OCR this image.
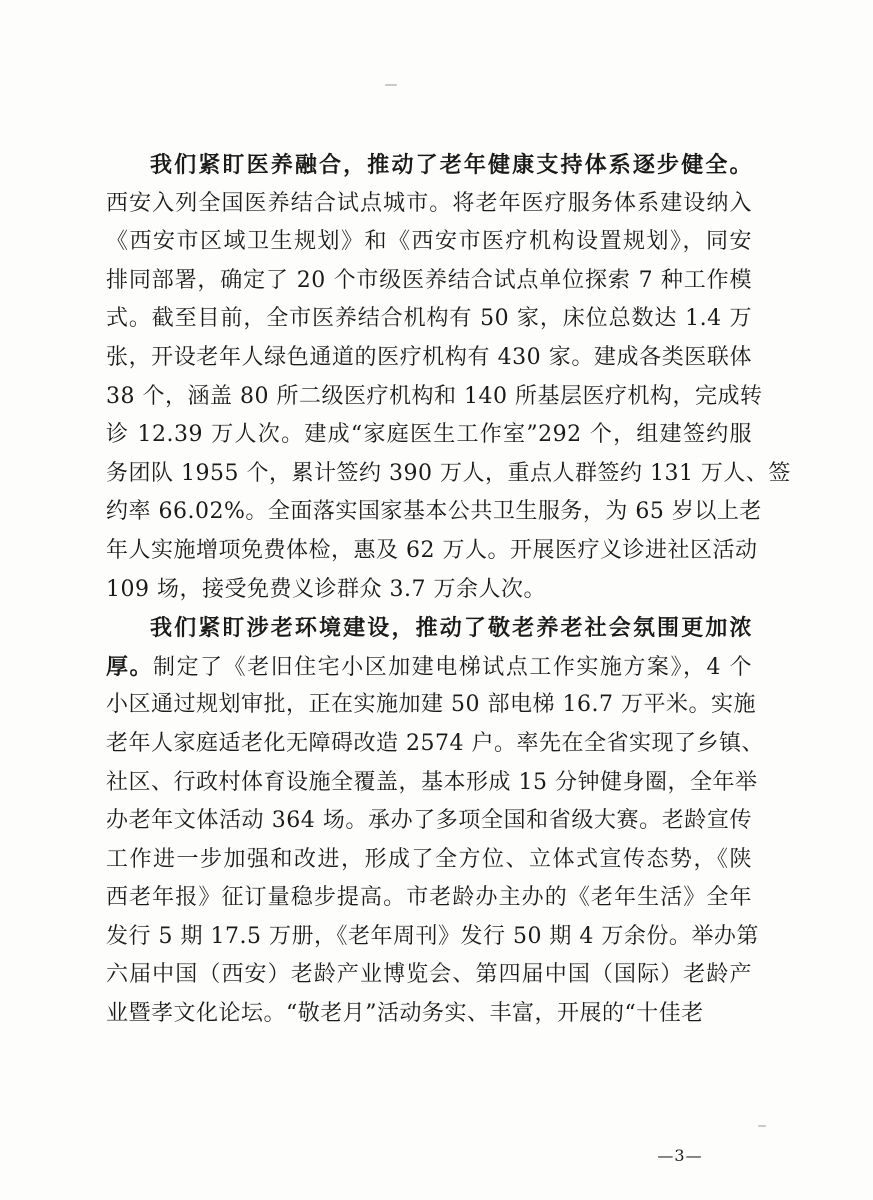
我们紧盯医养融合，推动了老年健康支持体系逐步健全。
西安入列全国医养结合试点城市。将老年医疗服务体系建设纳入
《西安市区域卫生规划》和《西安市医疗机构设置规划》，同安
排同部署，确定了 20 个市级医养结合试点单位探索 7 种工作模
式。截至目前，全市医养结合机构有 50 家，床位总数达 1.4 万
张，开设老年人绿色通道的医疗机构有 430 家。建成各类医联体
38 个，涵盖 80 所二级医疗机构和 140 所基层医疗机构，完成转
诊 12.39 万人次。建成“家庭医生工作室”292 个，组建签约服
务团队 1955 个，累计签约 390 万人，重点人群签约 131 万人、签
约率 66.02%。全面落实国家基本公共卫生服务，为 65 岁以上老
年人实施增项免费体检，惠及 62 万人。开展医疗义诊进社区活动
109 场，接受免费义诊群众 3.7 万余人次。
我们紧盯涉老环境建设，推动了敬老养老社会氛围更加浓
厚。制定了《老旧住宅小区加建电梯试点工作实施方案》，4 个
小区通过规划审批，正在实施加建 50 部电梯 16.7 万平米。实施
老年人家庭适老化无障碍改造 2574 户。率先在全省实现了乡镇、
社区、行政村体育设施全覆盖，基本形成 15 分钟健身圈，全年举
办老年文体活动 364 场。承办了多项全国和省级大赛。老龄宣传
工作进一步加强和改进，形成了全方位、立体式宣传态势，《陕
西老年报》征订量稳步提高。市老龄办主办的《老年生活》全年
发行 5 期 17.5 万册，《老年周刊》发行 50 期 4 万余份。举办第
六届中国（西安）老龄产业博览会、第四届中国（国际）老龄产
业暨孝文化论坛。“敬老月”活动务实、丰富，开展的“十佳老
—3—
